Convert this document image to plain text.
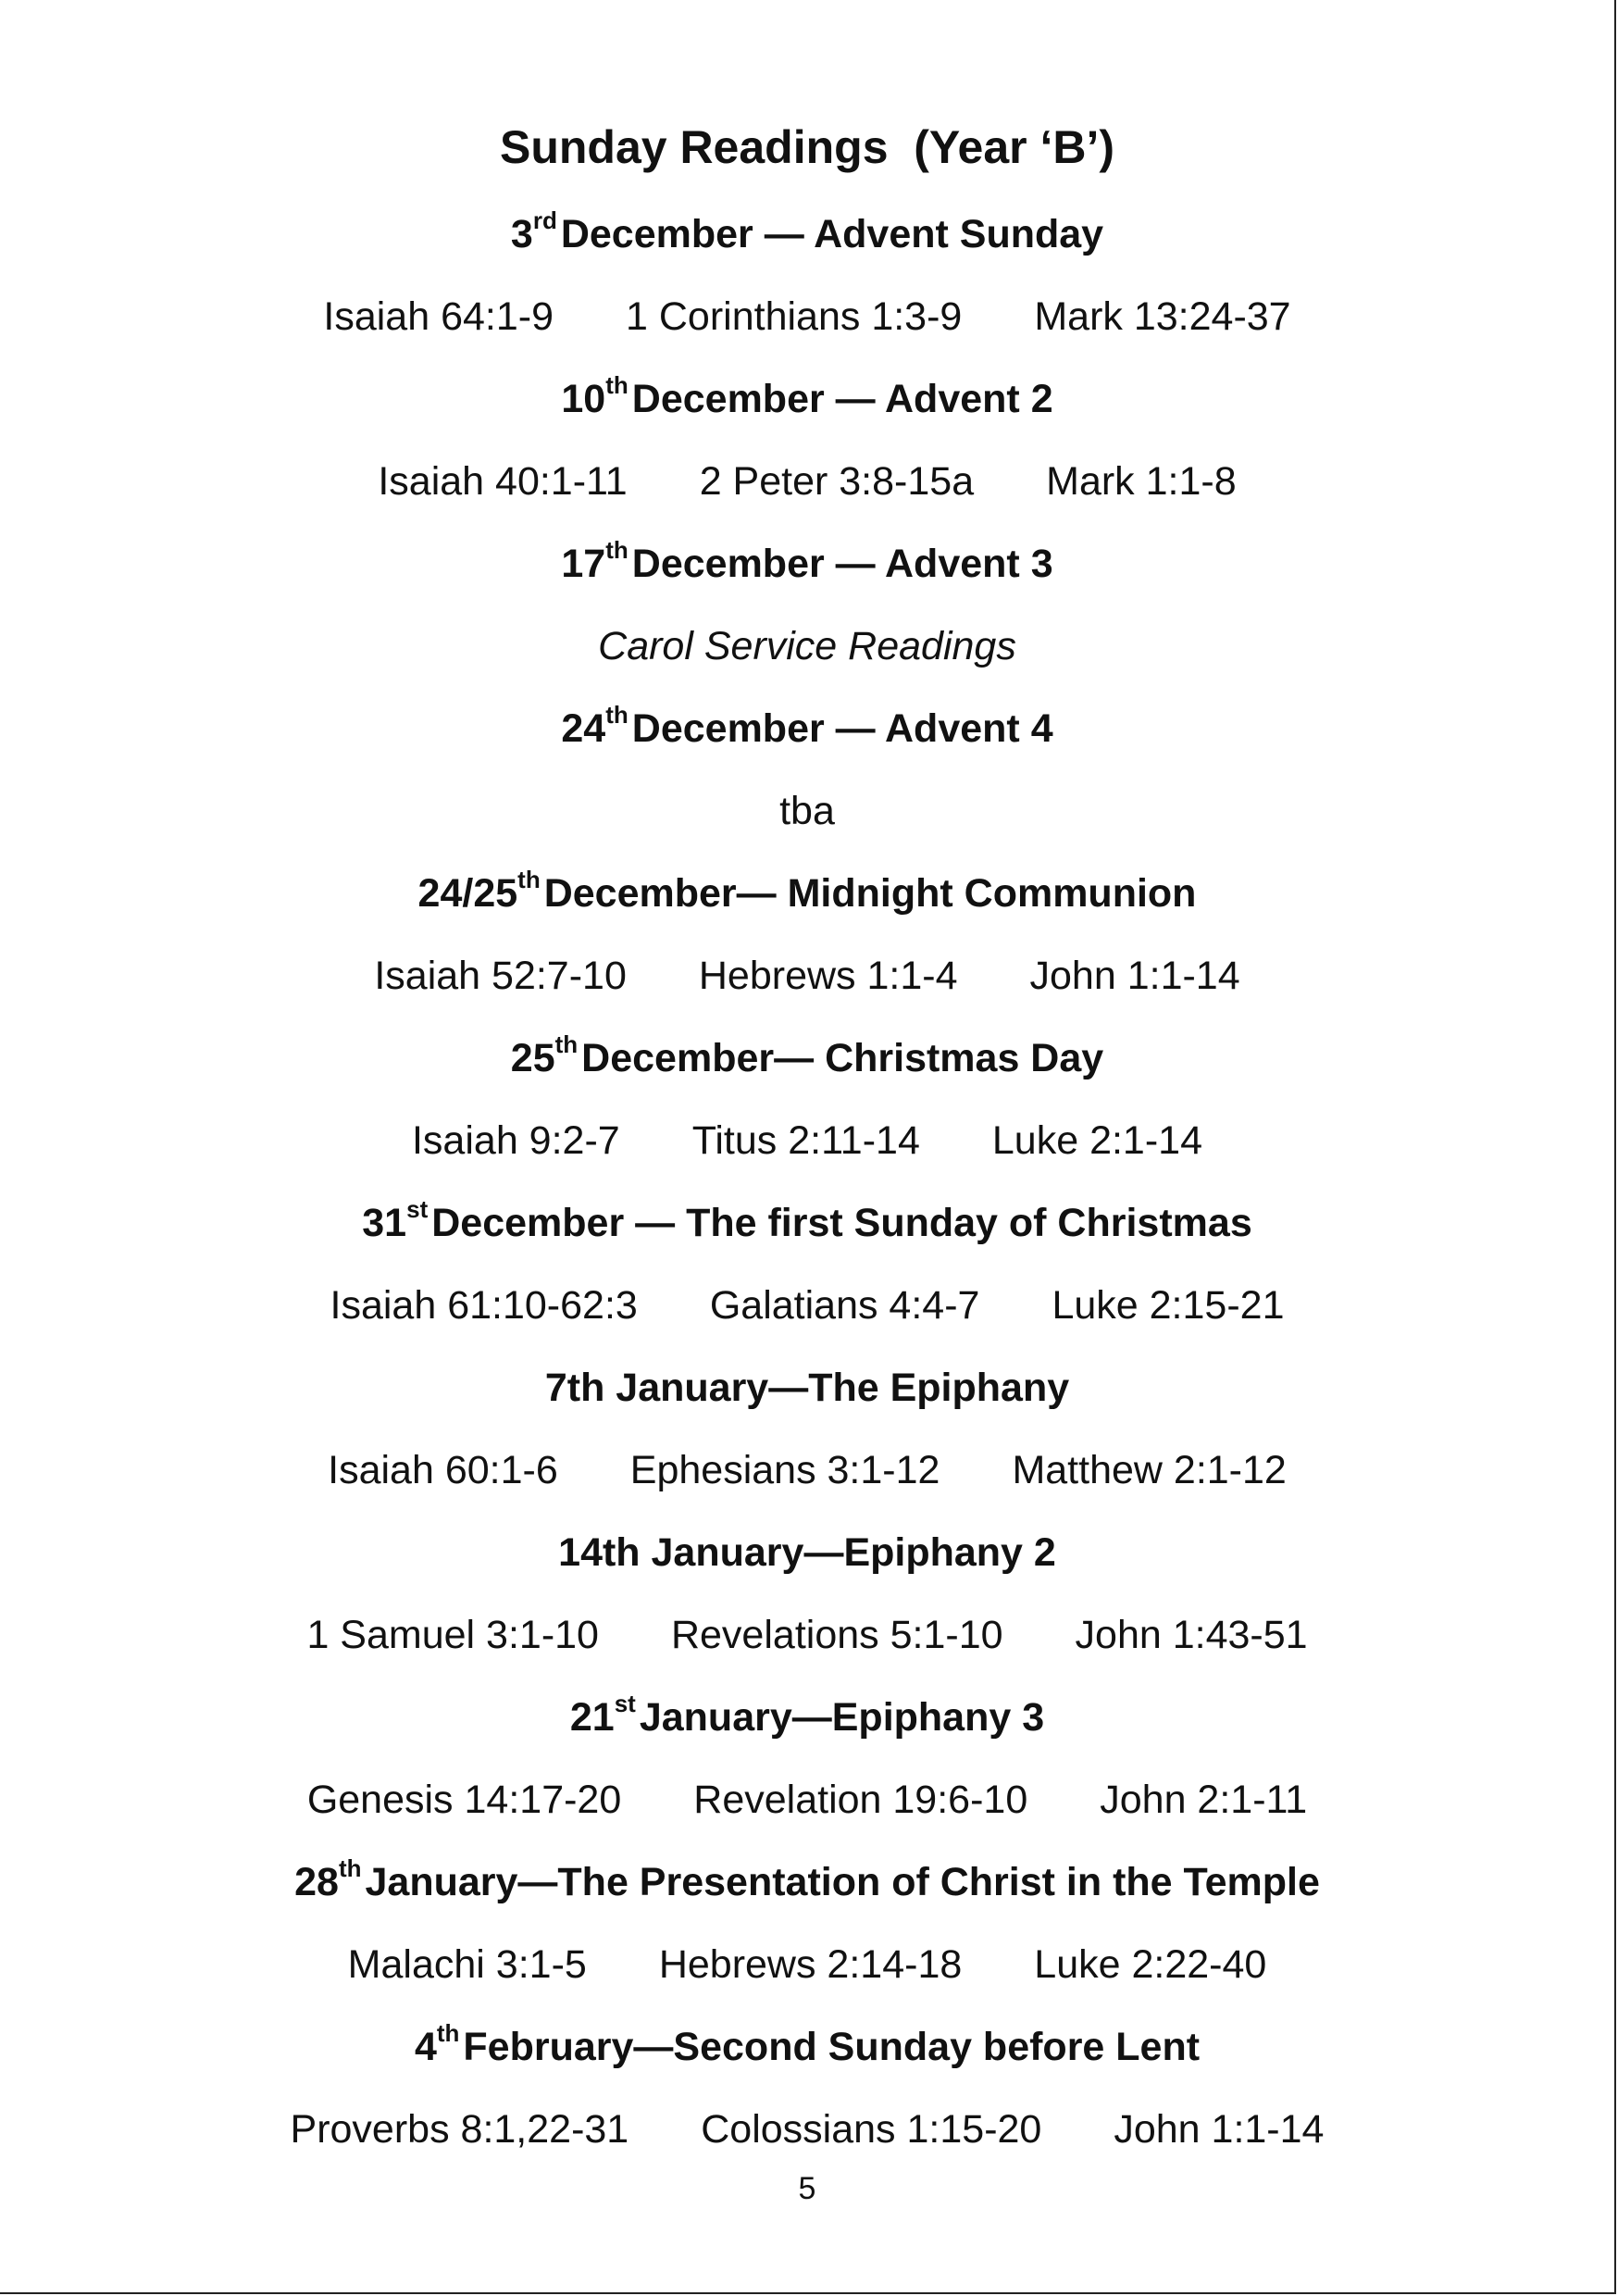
Sunday Readings  (Year ‘B’)
3rdDecember — Advent Sunday
Isaiah 64:1-9 1 Corinthians 1:3-9 Mark 13:24-37
10thDecember — Advent 2
Isaiah 40:1-11 2 Peter 3:8-15a Mark 1:1-8
17thDecember — Advent 3
Carol Service Readings
24thDecember — Advent 4
tba
24/25thDecember— Midnight Communion
Isaiah 52:7-10 Hebrews 1:1-4 John 1:1-14
25thDecember— Christmas Day
Isaiah 9:2-7 Titus 2:11-14 Luke 2:1-14
31stDecember — The first Sunday of Christmas
Isaiah 61:10-62:3 Galatians 4:4-7 Luke 2:15-21
7th January—The Epiphany
Isaiah 60:1-6 Ephesians 3:1-12 Matthew 2:1-12
14th January—Epiphany 2
1 Samuel 3:1-10 Revelations 5:1-10 John 1:43-51
21stJanuary—Epiphany 3
Genesis 14:17-20 Revelation 19:6-10 John 2:1-11
28thJanuary—The Presentation of Christ in the Temple
Malachi 3:1-5 Hebrews 2:14-18 Luke 2:22-40
4thFebruary—Second Sunday before Lent
Proverbs 8:1,22-31 Colossians 1:15-20 John 1:1-14
5
